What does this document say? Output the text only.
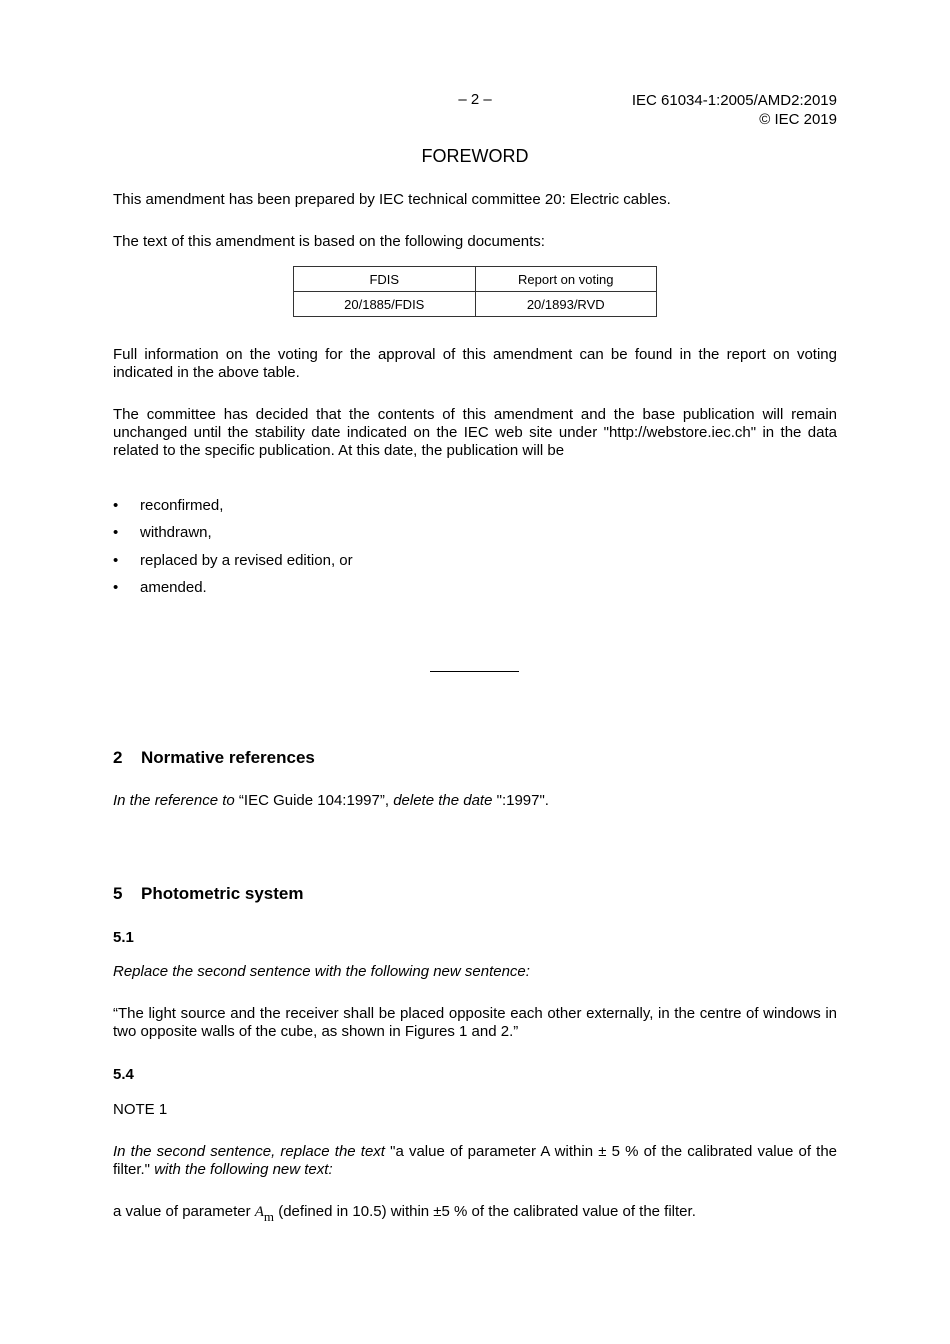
– 2 –	IEC 61034-1:2005/AMD2:2019
© IEC 2019
FOREWORD
This amendment has been prepared by IEC technical committee 20: Electric cables.
The text of this amendment is based on the following documents:
FDIS	Report on voting
20/1885/FDIS	20/1893/RVD
Full information on the voting for the approval of this amendment can be found in the report on voting indicated in the above table.
The committee has decided that the contents of this amendment and the base publication will remain unchanged until the stability date indicated on the IEC web site under "http://webstore.iec.ch" in the data related to the specific publication. At this date, the publication will be
• reconfirmed,
• withdrawn,
• replaced by a revised edition, or
• amended.
2 Normative references
In the reference to “IEC Guide 104:1997”, delete the date ":1997".
5 Photometric system
5.1
Replace the second sentence with the following new sentence:
“The light source and the receiver shall be placed opposite each other externally, in the centre of windows in two opposite walls of the cube, as shown in Figures 1 and 2.”
5.4
NOTE 1
In the second sentence, replace the text "a value of parameter A within ± 5 % of the calibrated value of the filter." with the following new text:
a value of parameter $A_m$ (defined in 10.5) within ±5 % of the calibrated value of the filter.
